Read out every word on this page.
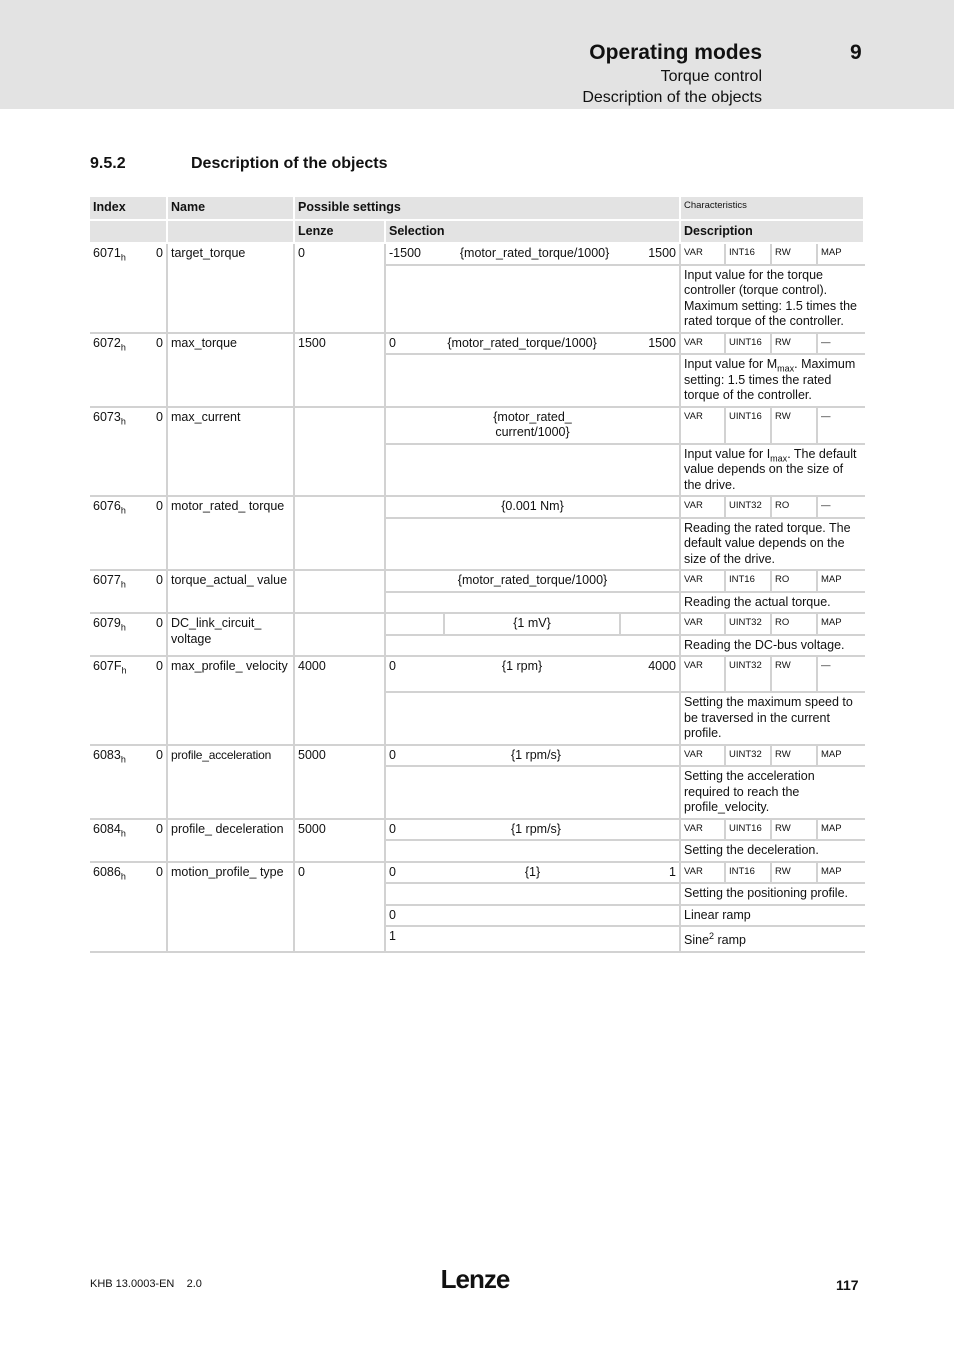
Operating modes	9
Torque control
Description of the objects
9.5.2	Description of the objects
Index	Name	Possible settings				Characteristics			
		Lenze	Selection			Description			

$6071_h$ 0	target_torque	0	-1500 {motor_rated_torque/1000} 1500			VAR	INT16	RW	MAP
						Input value for the torque controller (torque control). Maximum setting: 1.5 times the rated torque of the controller.			

$6072_h$ 0	max_torque	1500	0 {motor_rated_torque/1000} 1500			VAR	UINT16	RW	—
						Input value for $M_{max}$. Maximum setting: 1.5 times the rated torque of the controller.			

$6073_h$ 0	max_current		{motor_rated_ current/1000}			VAR	UINT16	RW	—
						Input value for $I_{max}$. The default value depends on the size of the drive.			

$6076_h$ 0	motor_rated_ torque		{0.001 Nm}			VAR	UINT32	RO	—
						Reading the rated torque. The default value depends on the size of the drive.			

$6077_h$ 0	torque_actual_ value		{motor_rated_torque/1000}			VAR	INT16	RO	MAP
						Reading the actual torque.			

$6079_h$ 0	DC_link_circuit_ voltage			{1 mV}		VAR	UINT32	RO	MAP
						Reading the DC-bus voltage.			

$607F_h$ 0	max_profile_ velocity	4000	0 {1 rpm} 4000			VAR	UINT32	RW	—
						Setting the maximum speed to be traversed in the current profile.			

$6083_h$ 0	profile_acceleration	5000	0 {1 rpm/s}			VAR	UINT32	RW	MAP
						Setting the acceleration required to reach the profile_velocity.			

$6084_h$ 0	profile_ deceleration	5000	0 {1 rpm/s}			VAR	UINT16	RW	MAP
						Setting the deceleration.			

$6086_h$ 0	motion_profile_ type	0	0 {1} 1			VAR	INT16	RW	MAP
						Setting the positioning profile.			
			0			Linear ramp			
			1			Sine$^2$ ramp			
KHB 13.0003-EN 2.0	Lenze	117
